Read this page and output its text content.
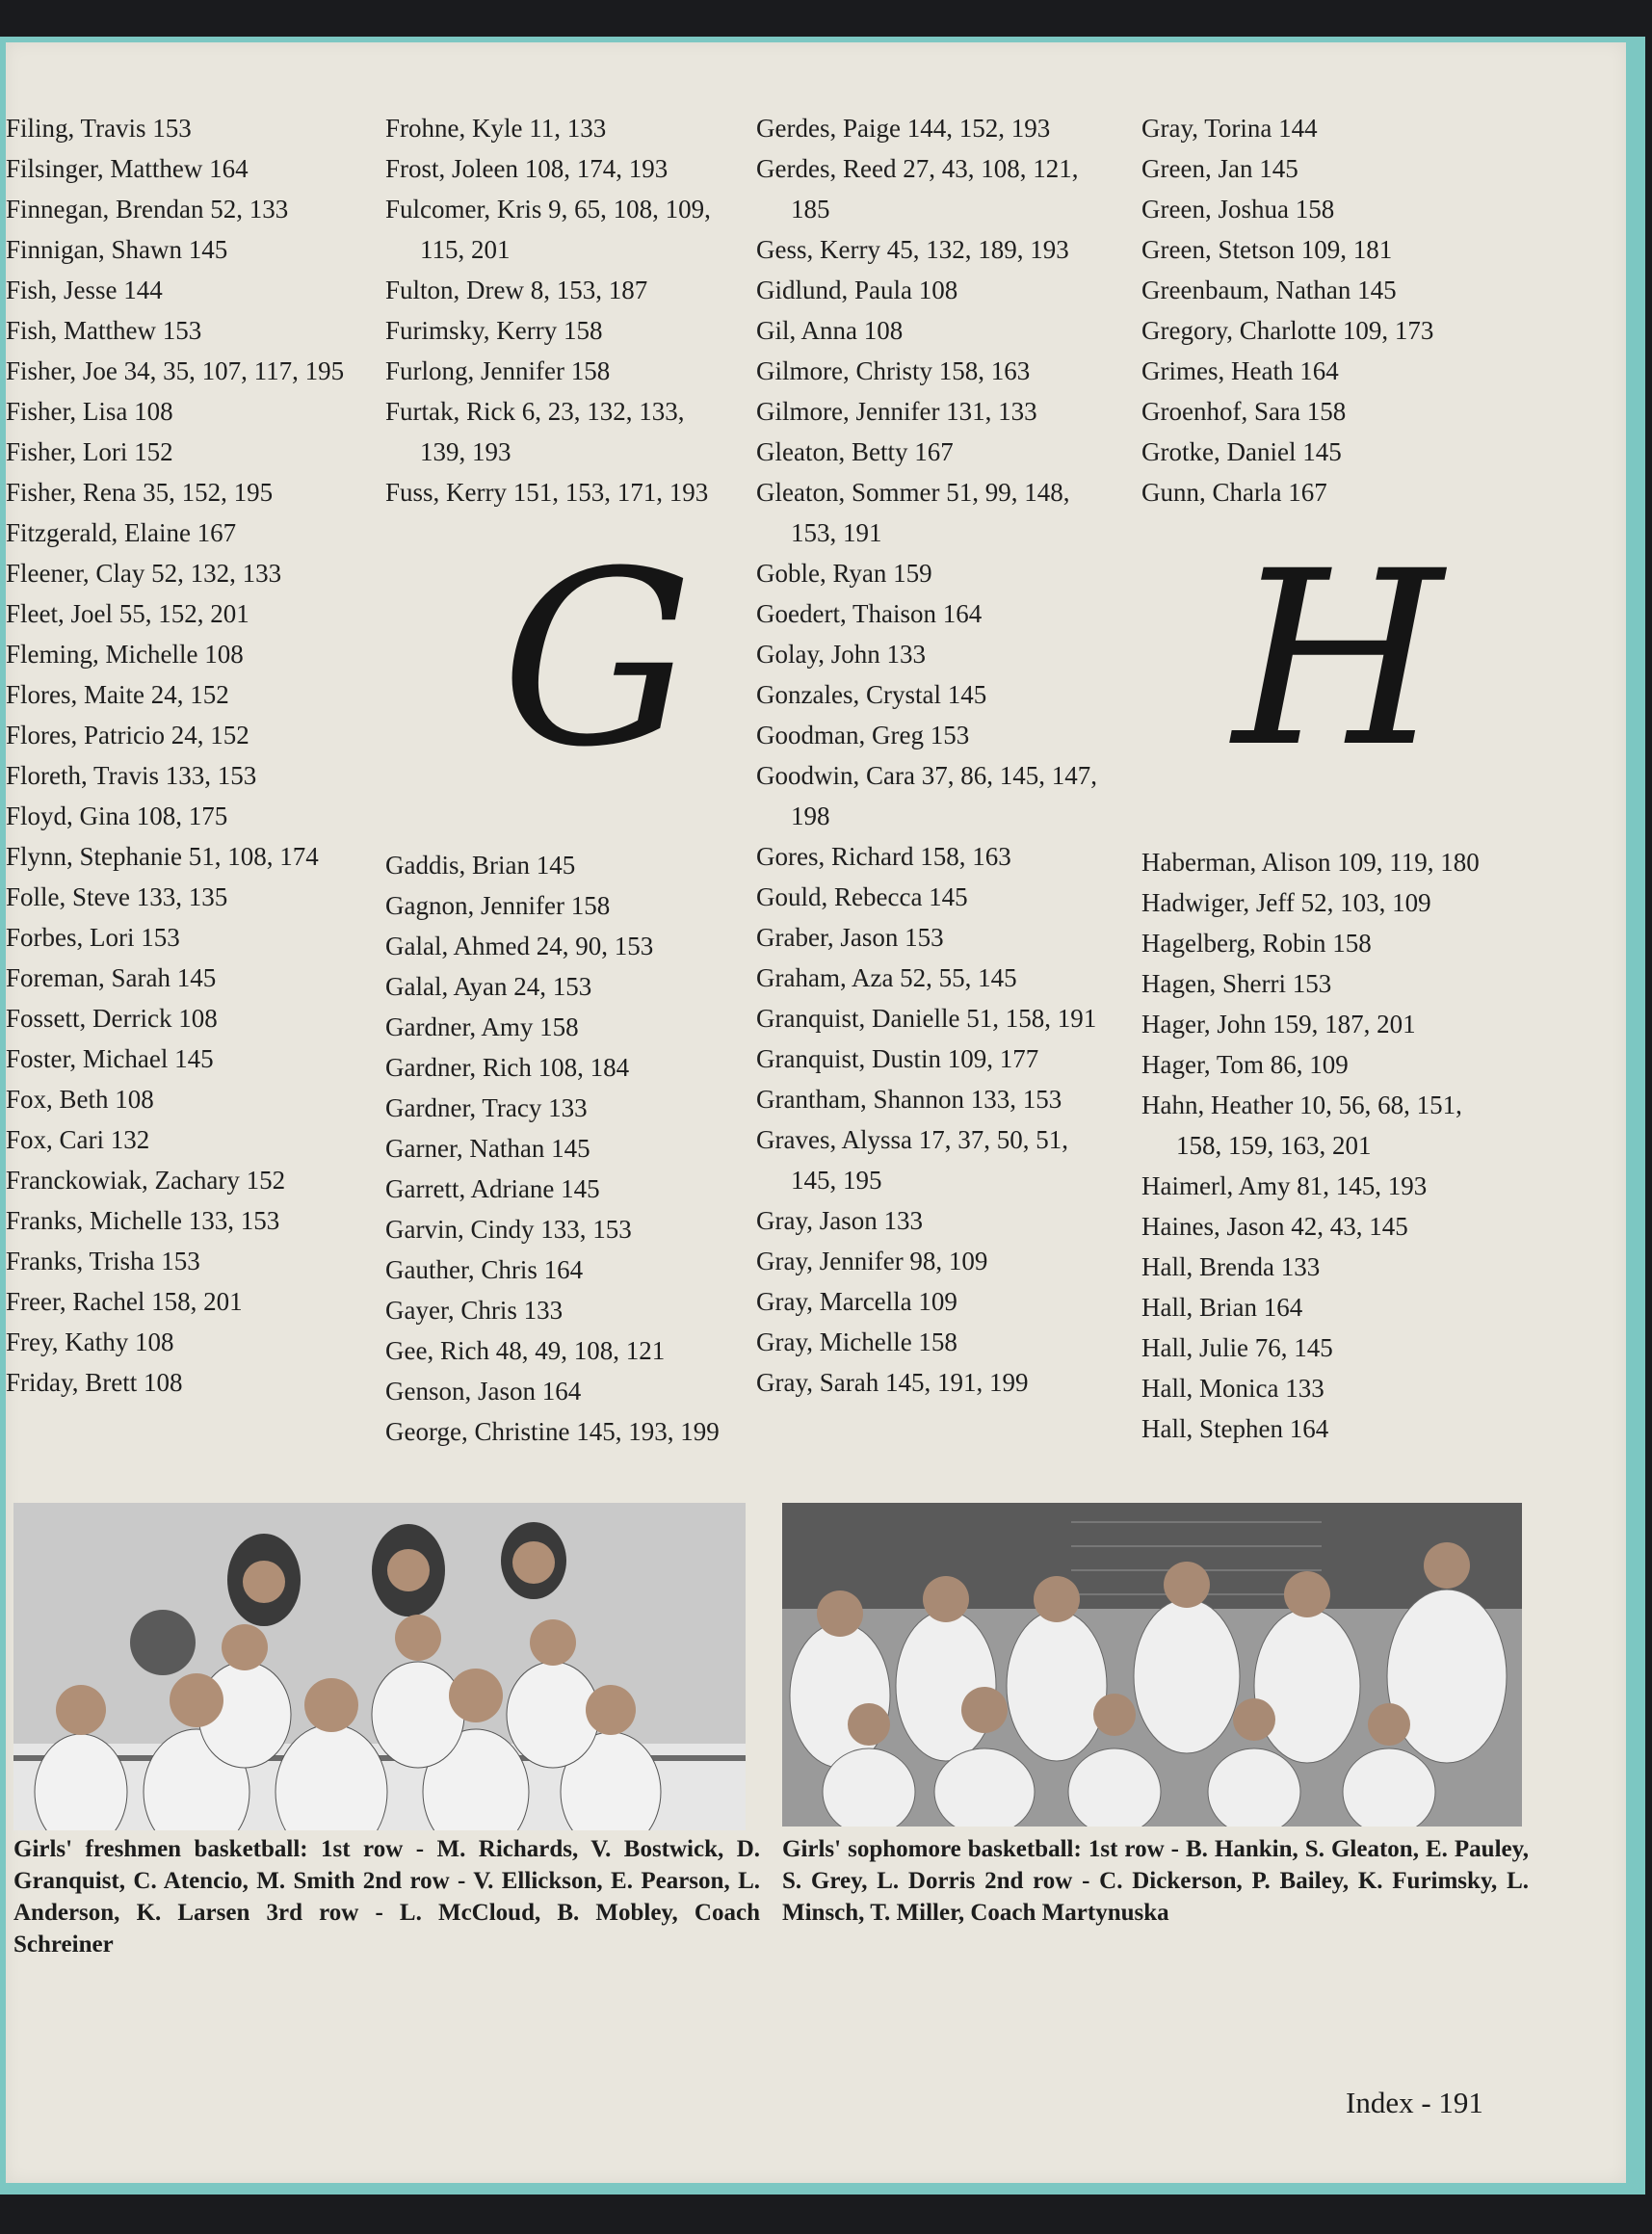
Filing, Travis 153
Filsinger, Matthew 164
Finnegan, Brendan 52, 133
Finnigan, Shawn 145
Fish, Jesse 144
Fish, Matthew 153
Fisher, Joe 34, 35, 107, 117, 195
Fisher, Lisa 108
Fisher, Lori 152
Fisher, Rena 35, 152, 195
Fitzgerald, Elaine 167
Fleener, Clay 52, 132, 133
Fleet, Joel 55, 152, 201
Fleming, Michelle 108
Flores, Maite 24, 152
Flores, Patricio 24, 152
Floreth, Travis 133, 153
Floyd, Gina 108, 175
Flynn, Stephanie 51, 108, 174
Folle, Steve 133, 135
Forbes, Lori 153
Foreman, Sarah 145
Fossett, Derrick 108
Foster, Michael 145
Fox, Beth 108
Fox, Cari 132
Franckowiak, Zachary 152
Franks, Michelle 133, 153
Franks, Trisha 153
Freer, Rachel 158, 201
Frey, Kathy 108
Friday, Brett 108
Frohne, Kyle 11, 133
Frost, Joleen 108, 174, 193
Fulcomer, Kris 9, 65, 108, 109,
115, 201
Fulton, Drew 8, 153, 187
Furimsky, Kerry 158
Furlong, Jennifer 158
Furtak, Rick 6, 23, 132, 133,
139, 193
Fuss, Kerry 151, 153, 171, 193
Gaddis, Brian 145
Gagnon, Jennifer 158
Galal, Ahmed 24, 90, 153
Galal, Ayan 24, 153
Gardner, Amy 158
Gardner, Rich 108, 184
Gardner, Tracy 133
Garner, Nathan 145
Garrett, Adriane 145
Garvin, Cindy 133, 153
Gauther, Chris 164
Gayer, Chris 133
Gee, Rich 48, 49, 108, 121
Genson, Jason 164
George, Christine 145, 193, 199
Gerdes, Paige 144, 152, 193
Gerdes, Reed 27, 43, 108, 121,
185
Gess, Kerry 45, 132, 189, 193
Gidlund, Paula 108
Gil, Anna 108
Gilmore, Christy 158, 163
Gilmore, Jennifer 131, 133
Gleaton, Betty 167
Gleaton, Sommer 51, 99, 148,
153, 191
Goble, Ryan 159
Goedert, Thaison 164
Golay, John 133
Gonzales, Crystal 145
Goodman, Greg 153
Goodwin, Cara 37, 86, 145, 147,
198
Gores, Richard 158, 163
Gould, Rebecca 145
Graber, Jason 153
Graham, Aza 52, 55, 145
Granquist, Danielle 51, 158, 191
Granquist, Dustin 109, 177
Grantham, Shannon 133, 153
Graves, Alyssa 17, 37, 50, 51,
145, 195
Gray, Jason 133
Gray, Jennifer 98, 109
Gray, Marcella 109
Gray, Michelle 158
Gray, Sarah 145, 191, 199
Gray, Torina 144
Green, Jan 145
Green, Joshua 158
Green, Stetson 109, 181
Greenbaum, Nathan 145
Gregory, Charlotte 109, 173
Grimes, Heath 164
Groenhof, Sara 158
Grotke, Daniel 145
Gunn, Charla 167
Haberman, Alison 109, 119, 180
Hadwiger, Jeff 52, 103, 109
Hagelberg, Robin 158
Hagen, Sherri 153
Hager, John 159, 187, 201
Hager, Tom 86, 109
Hahn, Heather 10, 56, 68, 151,
158, 159, 163, 201
Haimerl, Amy 81, 145, 193
Haines, Jason 42, 43, 145
Hall, Brenda 133
Hall, Brian 164
Hall, Julie 76, 145
Hall, Monica 133
Hall, Stephen 164
G H
Girls' freshmen basketball: 1st row - M. Richards, V. Bostwick, D. Granquist, C. Atencio, M. Smith 2nd row - V. Ellickson, E. Pearson, L. Anderson, K. Larsen 3rd row - L. McCloud, B. Mobley, Coach Schreiner
Girls' sophomore basketball: 1st row - B. Hankin, S. Gleaton, E. Pauley, S. Grey, L. Dorris 2nd row - C. Dickerson, P. Bailey, K. Furimsky, L. Minsch, T. Miller, Coach Martynuska
Index - 191
